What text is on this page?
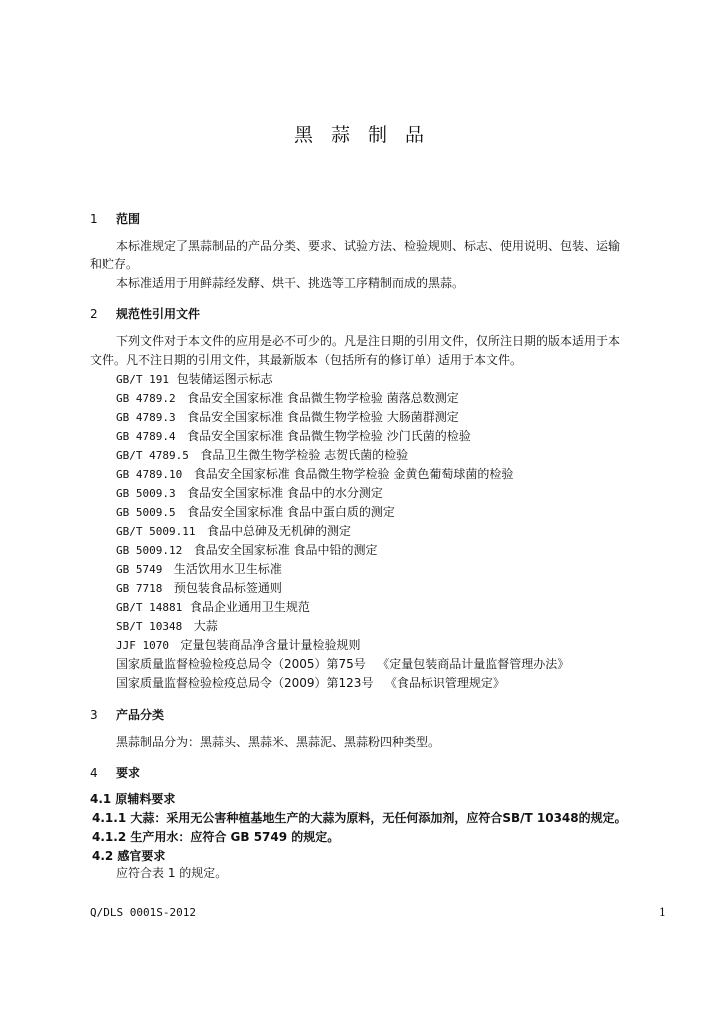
黑 蒜 制 品
1 范围
本标准规定了黑蒜制品的产品分类、要求、试验方法、检验规则、标志、使用说明、包装、运输
和贮存。
本标准适用于用鲜蒜经发酵、烘干、挑选等工序精制而成的黑蒜。
2 规范性引用文件
下列文件对于本文件的应用是必不可少的。凡是注日期的引用文件，仅所注日期的版本适用于本
文件。凡不注日期的引用文件，其最新版本（包括所有的修订单）适用于本文件。
GB/T 191 包装储运图示标志
GB 4789.2 食品安全国家标准 食品微生物学检验 菌落总数测定
GB 4789.3 食品安全国家标准 食品微生物学检验 大肠菌群测定
GB 4789.4 食品安全国家标准 食品微生物学检验 沙门氏菌的检验
GB/T 4789.5 食品卫生微生物学检验 志贺氏菌的检验
GB 4789.10 食品安全国家标准 食品微生物学检验 金黄色葡萄球菌的检验
GB 5009.3 食品安全国家标准 食品中的水分测定
GB 5009.5 食品安全国家标准 食品中蛋白质的测定
GB/T 5009.11 食品中总砷及无机砷的测定
GB 5009.12 食品安全国家标准 食品中铅的测定
GB 5749 生活饮用水卫生标准
GB 7718 预包装食品标签通则
GB/T 14881 食品企业通用卫生规范
SB/T 10348 大蒜
JJF 1070 定量包装商品净含量计量检验规则
国家质量监督检验检疫总局令（2005）第75号 《定量包装商品计量监督管理办法》
国家质量监督检验检疫总局令（2009）第123号 《食品标识管理规定》
3 产品分类
黑蒜制品分为：黑蒜头、黑蒜米、黑蒜泥、黑蒜粉四种类型。
4 要求
4.1 原辅料要求
4.1.1 大蒜：采用无公害种植基地生产的大蒜为原料，无任何添加剂，应符合SB/T 10348的规定。
4.1.2 生产用水：应符合 GB 5749 的规定。
4.2 感官要求
应符合表 1 的规定。
Q/DLS 0001S-2012	1
